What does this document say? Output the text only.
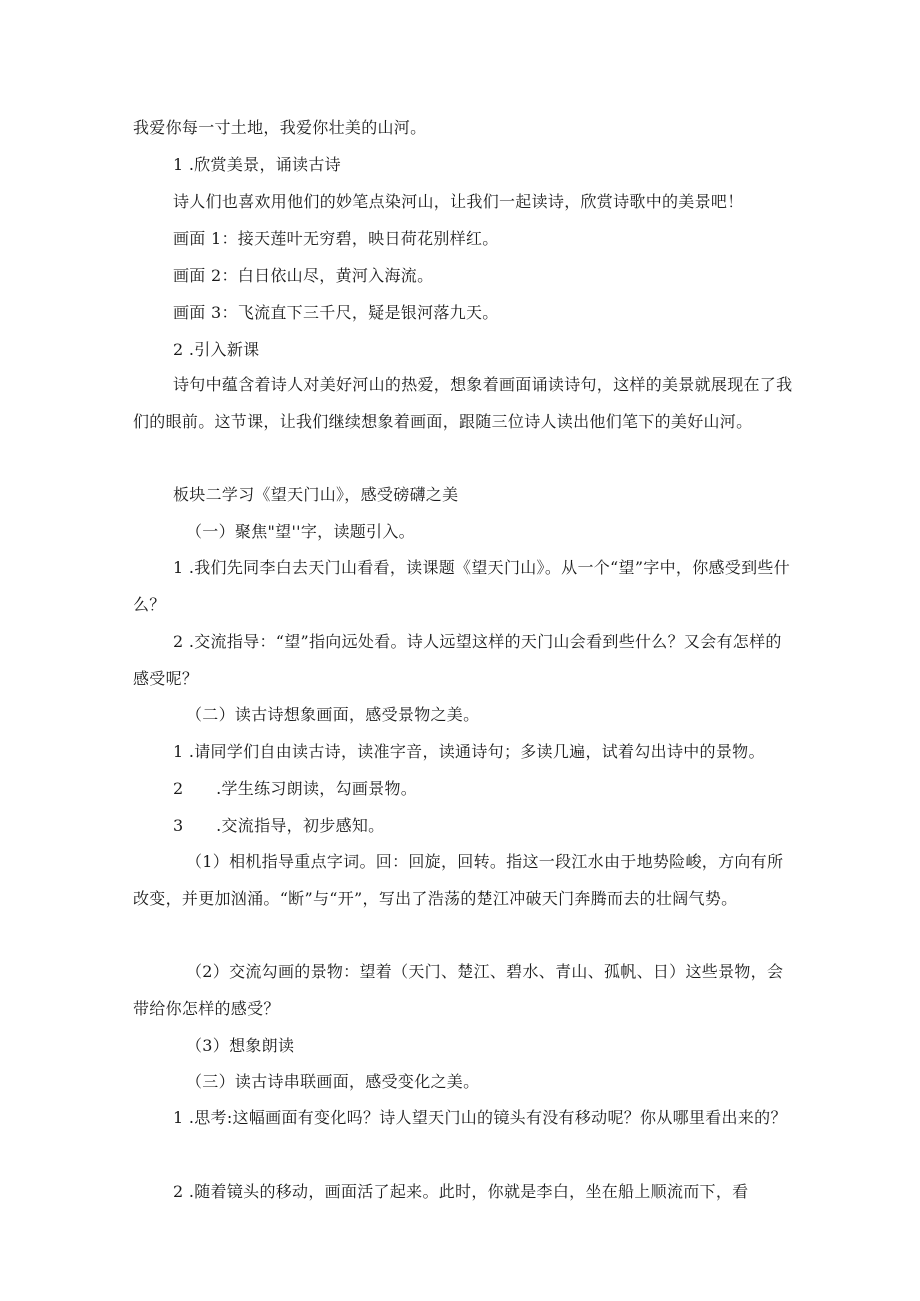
我爱你每一寸土地，我爱你壮美的山河。
1 .欣赏美景，诵读古诗
诗人们也喜欢用他们的妙笔点染河山，让我们一起读诗，欣赏诗歌中的美景吧！
画面 1：接天莲叶无穷碧，映日荷花别样红。
画面 2：白日依山尽，黄河入海流。
画面 3：飞流直下三千尺，疑是银河落九天。
2 .引入新课
诗句中蕴含着诗人对美好河山的热爱，想象着画面诵读诗句，这样的美景就展现在了我们的眼前。这节课，让我们继续想象着画面，跟随三位诗人读出他们笔下的美好山河。
板块二学习《望天门山》，感受磅礴之美
（一）聚焦"望''字，读题引入。
1 .我们先同李白去天门山看看，读课题《望天门山》。从一个“望”字中，你感受到些什么？
2 .交流指导：“望”指向远处看。诗人远望这样的天门山会看到些什么？又会有怎样的感受呢？
（二）读古诗想象画面，感受景物之美。
1 .请同学们自由读古诗，读准字音，读通诗句；多读几遍，试着勾出诗中的景物。
2　　.学生练习朗读，勾画景物。
3　　.交流指导，初步感知。
（1）相机指导重点字词。回：回旋，回转。指这一段江水由于地势险峻，方向有所改变，并更加汹涌。“断”与“开”，写出了浩荡的楚江冲破天门奔腾而去的壮阔气势。
（2）交流勾画的景物：望着（天门、楚江、碧水、青山、孤帆、日）这些景物，会带给你怎样的感受？
（3）想象朗读
（三）读古诗串联画面，感受变化之美。
1 .思考:这幅画面有变化吗？诗人望天门山的镜头有没有移动呢？你从哪里看出来的？
2 .随着镜头的移动，画面活了起来。此时，你就是李白，坐在船上顺流而下，看
